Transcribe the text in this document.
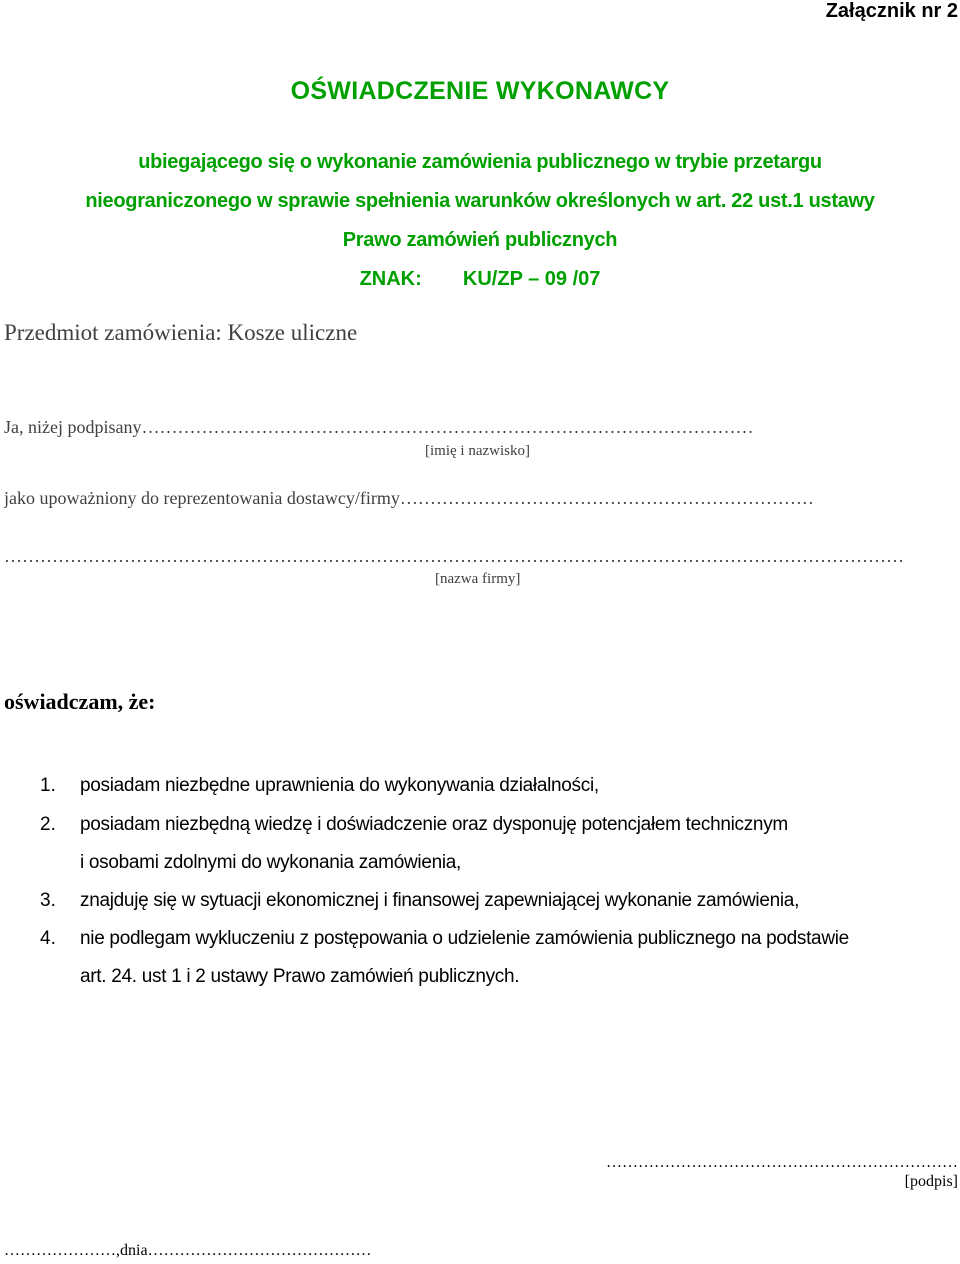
Załącznik nr 2
OŚWIADCZENIE WYKONAWCY
ubiegającego się o wykonanie zamówienia publicznego w trybie przetargu
nieograniczonego w sprawie spełnienia warunków określonych w art. 22 ust.1 ustawy
Prawo zamówień publicznych
ZNAK: KU/ZP – 09 /07
Przedmiot zamówienia: Kosze uliczne
Ja, niżej podpisany…………………………………………………………………………………………
[imię i nazwisko]
jako upoważniony do reprezentowania dostawcy/firmy……………………………………………………………
……………………………………………………………………………………………………………………………………
[nazwa firmy]
oświadczam, że:
1. posiadam niezbędne uprawnienia do wykonywania działalności,
2. posiadam niezbędną wiedzę i doświadczenie oraz dysponuję potencjałem technicznym
i osobami zdolnymi do wykonania zamówienia,
3. znajduję się w sytuacji ekonomicznej i finansowej zapewniającej wykonanie zamówienia,
4. nie podlegam wykluczeniu z postępowania o udzielenie zamówienia publicznego na podstawie
art. 24. ust 1 i 2 ustawy Prawo zamówień publicznych.
…………………………………………………………
[podpis]
…………………,dnia……………………………………
